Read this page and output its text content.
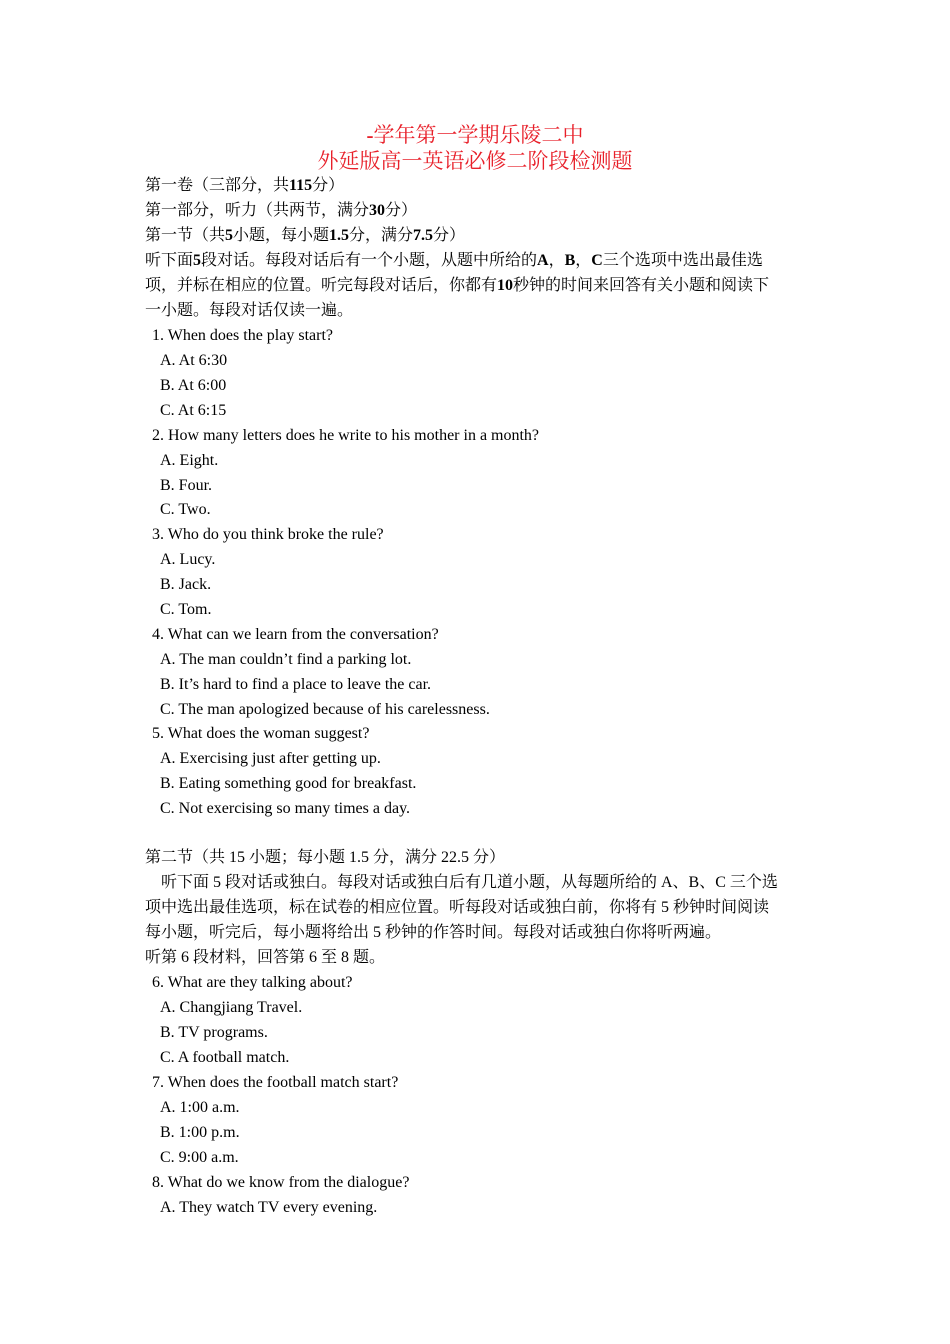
-学年第一学期乐陵二中
外延版高一英语必修二阶段检测题
第一卷（三部分，共115分）
第一部分，听力（共两节，满分30分）
第一节（共5小题，每小题1.5分，满分7.5分）
听下面5段对话。每段对话后有一个小题，从题中所给的A，B，C三个选项中选出最佳选
项，并标在相应的位置。听完每段对话后，你都有10秒钟的时间来回答有关小题和阅读下
一小题。每段对话仅读一遍。
1. When does the play start?
A. At 6:30
B. At 6:00
C. At 6:15
2. How many letters does he write to his mother in a month?
A. Eight.
B. Four.
C. Two.
3. Who do you think broke the rule?
A. Lucy.
B. Jack.
C. Tom.
4. What can we learn from the conversation?
A. The man couldn’t find a parking lot.
B. It’s hard to find a place to leave the car.
C. The man apologized because of his carelessness.
5. What does the woman suggest?
A. Exercising just after getting up.
B. Eating something good for breakfast.
C. Not exercising so many times a day.
第二节（共 15 小题；每小题 1.5 分，满分 22.5 分）
听下面 5 段对话或独白。每段对话或独白后有几道小题，从每题所给的 A、B、C 三个选
项中选出最佳选项，标在试卷的相应位置。听每段对话或独白前，你将有 5 秒钟时间阅读
每小题，听完后，每小题将给出 5 秒钟的作答时间。每段对话或独白你将听两遍。
听第 6 段材料，回答第 6 至 8 题。
6. What are they talking about?
A. Changjiang Travel.
B. TV programs.
C. A football match.
7. When does the football match start?
A. 1:00 a.m.
B. 1:00 p.m.
C. 9:00 a.m.
8. What do we know from the dialogue?
A. They watch TV every evening.
